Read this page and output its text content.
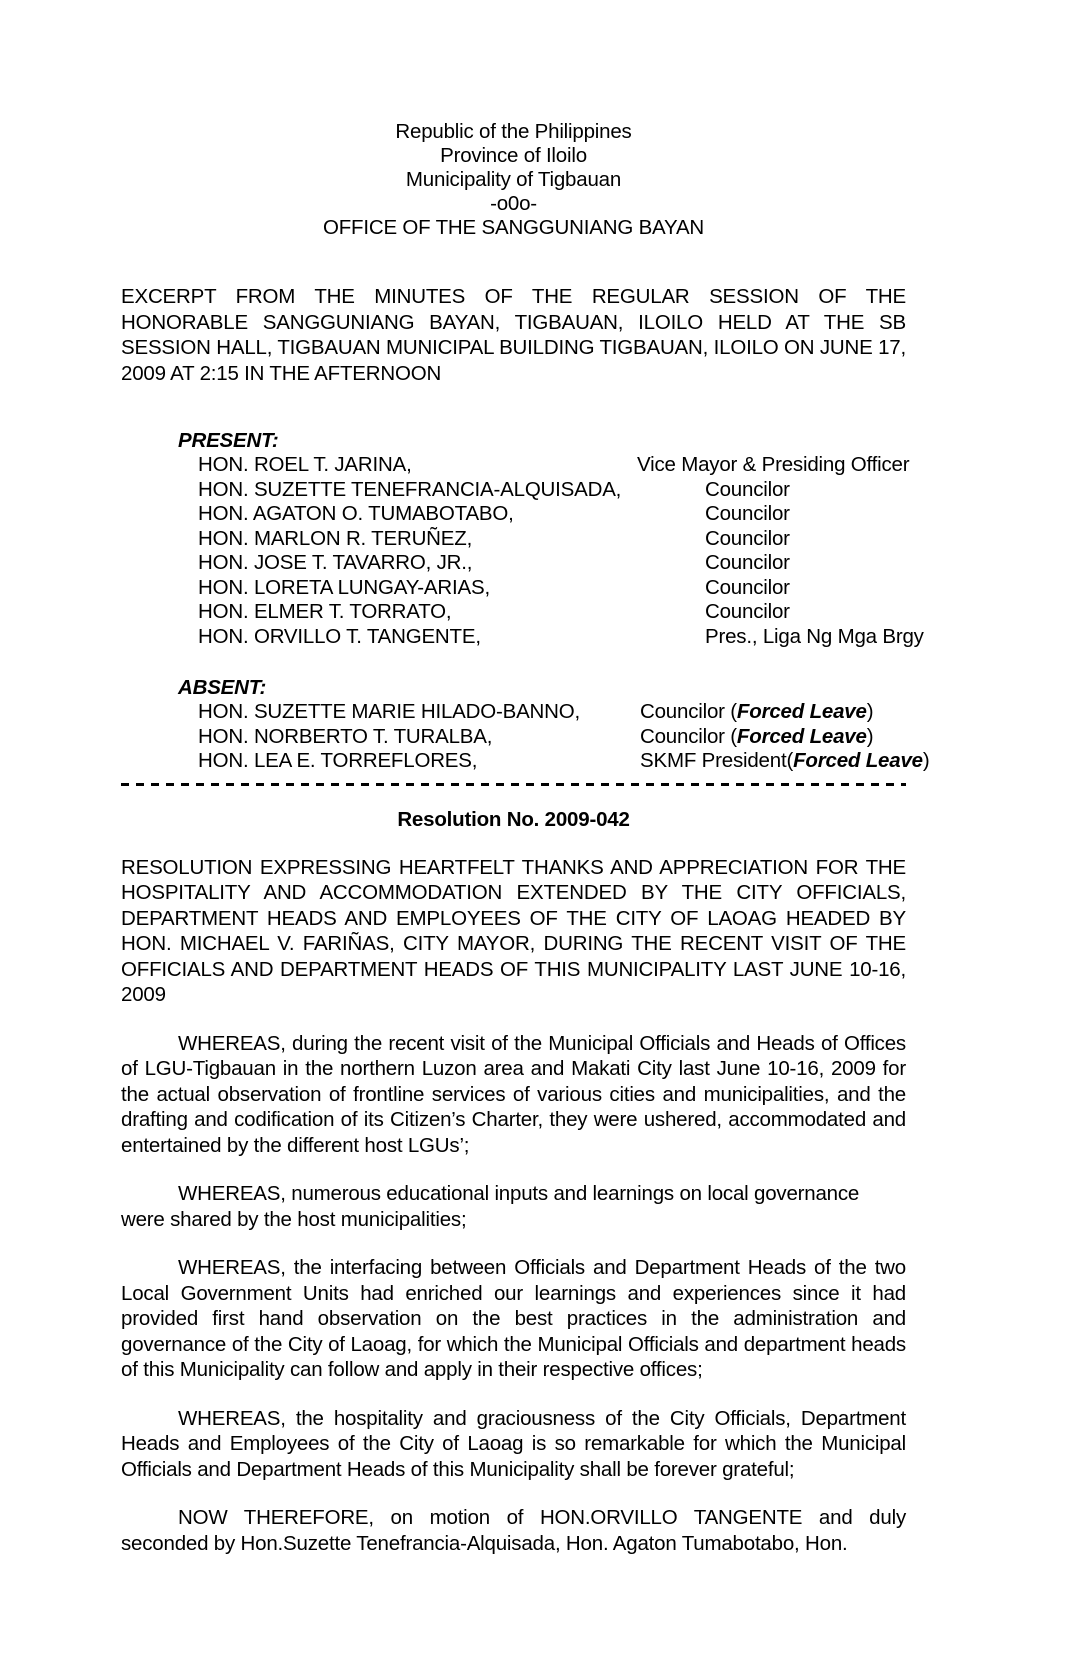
Republic of the Philippines
Province of Iloilo
Municipality of Tigbauan
-o0o-
OFFICE OF THE SANGGUNIANG BAYAN

EXCERPT FROM THE MINUTES OF THE REGULAR SESSION OF THE HONORABLE SANGGUNIANG BAYAN, TIGBAUAN, ILOILO HELD AT THE SB SESSION HALL, TIGBAUAN MUNICIPAL BUILDING TIGBAUAN, ILOILO ON JUNE 17, 2009 AT 2:15 IN THE AFTERNOON

PRESENT:
HON. ROEL T. JARINA,	Vice Mayor & Presiding Officer
HON. SUZETTE TENEFRANCIA-ALQUISADA,	Councilor
HON. AGATON O. TUMABOTABO,	Councilor
HON. MARLON R. TERUÑEZ,	Councilor
HON. JOSE T. TAVARRO, JR.,	Councilor
HON. LORETA LUNGAY-ARIAS,	Councilor
HON. ELMER T. TORRATO,	Councilor
HON. ORVILLO T. TANGENTE,	Pres., Liga Ng Mga Brgy
ABSENT:
HON. SUZETTE MARIE HILADO-BANNO,	Councilor (Forced Leave)
HON. NORBERTO T. TURALBA,	Councilor (Forced Leave)
HON. LEA E. TORREFLORES,	SKMF President(Forced Leave)
Resolution No. 2009-042

RESOLUTION EXPRESSING HEARTFELT THANKS AND APPRECIATION FOR THE HOSPITALITY AND ACCOMMODATION EXTENDED BY THE CITY OFFICIALS, DEPARTMENT HEADS AND EMPLOYEES OF THE CITY OF LAOAG HEADED BY HON. MICHAEL V. FARIÑAS, CITY MAYOR, DURING THE RECENT VISIT OF THE OFFICIALS AND DEPARTMENT HEADS OF THIS MUNICIPALITY LAST JUNE 10-16, 2009

WHEREAS, during the recent visit of the Municipal Officials and Heads of Offices of LGU-Tigbauan in the northern Luzon area and Makati City last June 10-16, 2009 for the actual observation of frontline services of various cities and municipalities, and the drafting and codification of its Citizen’s Charter, they were ushered, accommodated and entertained by the different host LGUs’;

WHEREAS, numerous educational inputs and learnings on local governance were shared by the host municipalities;

WHEREAS, the interfacing between Officials and Department Heads of the two Local Government Units had enriched our learnings and experiences since it had provided first hand observation on the best practices in the administration and governance of the City of Laoag, for which the Municipal Officials and department heads of this Municipality can follow and apply in their respective offices;

WHEREAS, the hospitality and graciousness of the City Officials, Department Heads and Employees of the City of Laoag is so remarkable for which the Municipal Officials and Department Heads of this Municipality shall be forever grateful;

NOW THEREFORE, on motion of HON.ORVILLO TANGENTE and duly seconded by Hon.Suzette Tenefrancia-Alquisada, Hon. Agaton Tumabotabo, Hon.
